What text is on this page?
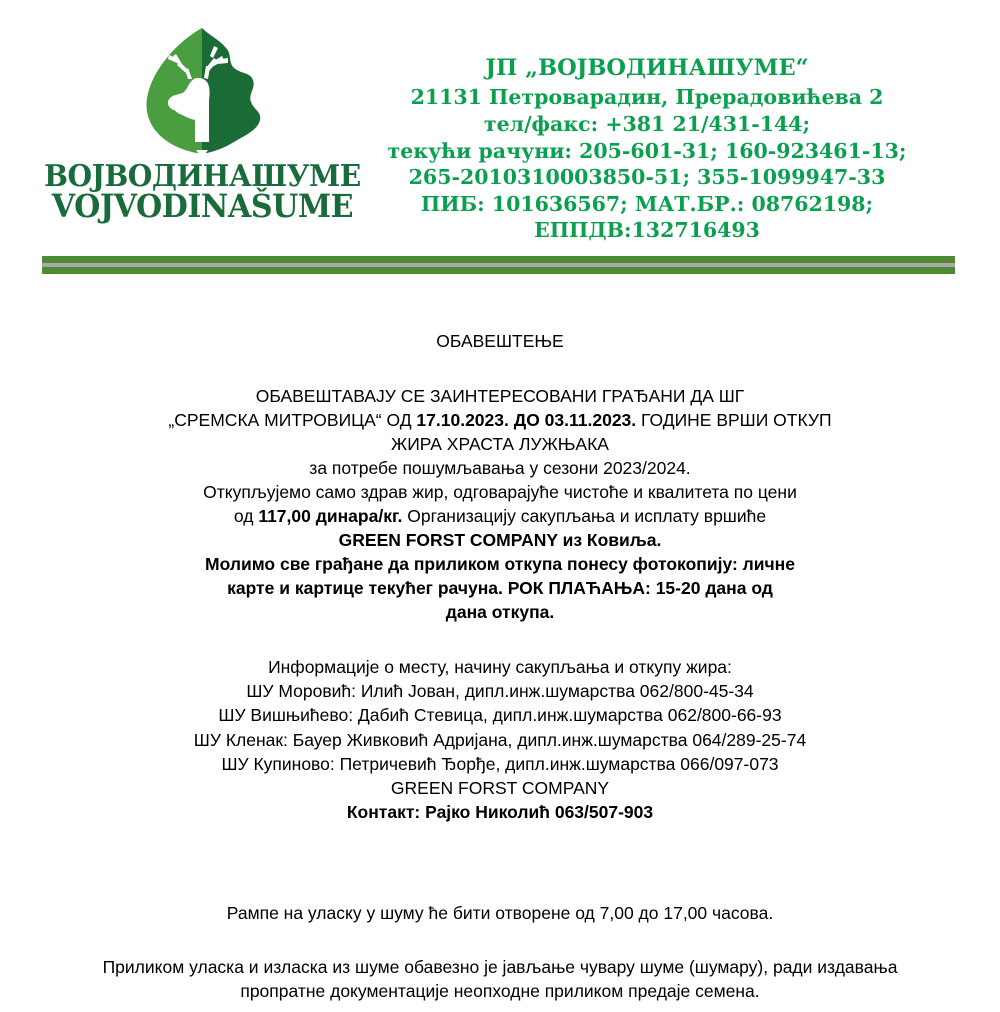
ВОЈВОДИНАШУМЕ
VOJVODINAŠUME
ЈП „ВОЈВОДИНАШУМЕ“
21131 Петроварадин, Прерадовићева 2
тел/факс: +381 21/431-144;
текући рачуни: 205-601-31; 160-923461-13;
265-2010310003850-51; 355-1099947-33
ПИБ: 101636567; МАТ.БР.: 08762198;
ЕППДВ:132716493
ОБАВЕШТЕЊЕ
ОБАВЕШТАВАЈУ СЕ ЗАИНТЕРЕСОВАНИ ГРАЂАНИ ДА ШГ
„СРЕМСКА МИТРОВИЦА“ ОД 17.10.2023. ДО 03.11.2023. ГОДИНЕ ВРШИ ОТКУП
ЖИРА ХРАСТА ЛУЖЊАКА
за потребе пошумљавања у сезони 2023/2024.
Откупљујемо само здрав жир, одговарајуће чистоће и квалитета по цени
од 117,00 динара/кг. Организацију сакупљања и исплату вршиће
GREEN FORST COMPANY из Ковиља.
Молимо све грађане да приликом откупа понесу фотокопију: личне
карте и картице текућег рачуна. РОК ПЛАЋАЊА: 15-20 дана од
дана откупа.
Информације о месту, начину сакупљања и откупу жира:
ШУ Моровић: Илић Јован, дипл.инж.шумарства 062/800-45-34
ШУ Вишњићево: Дабић Стевица, дипл.инж.шумарства 062/800-66-93
ШУ Кленак: Бауер Живковић Адријана, дипл.инж.шумарства 064/289-25-74
ШУ Купиново: Петричевић Ђорђе, дипл.инж.шумарства 066/097-073
GREEN FORST COMPANY
Контакт: Рајко Николић 063/507-903
Рампе на уласку у шуму ће бити отворене од 7,00 до 17,00 часова.
Приликом уласка и изласка из шуме обавезно је јављање чувару шуме (шумару), ради издавања
пропратне документације неопходне приликом предаје семена.
